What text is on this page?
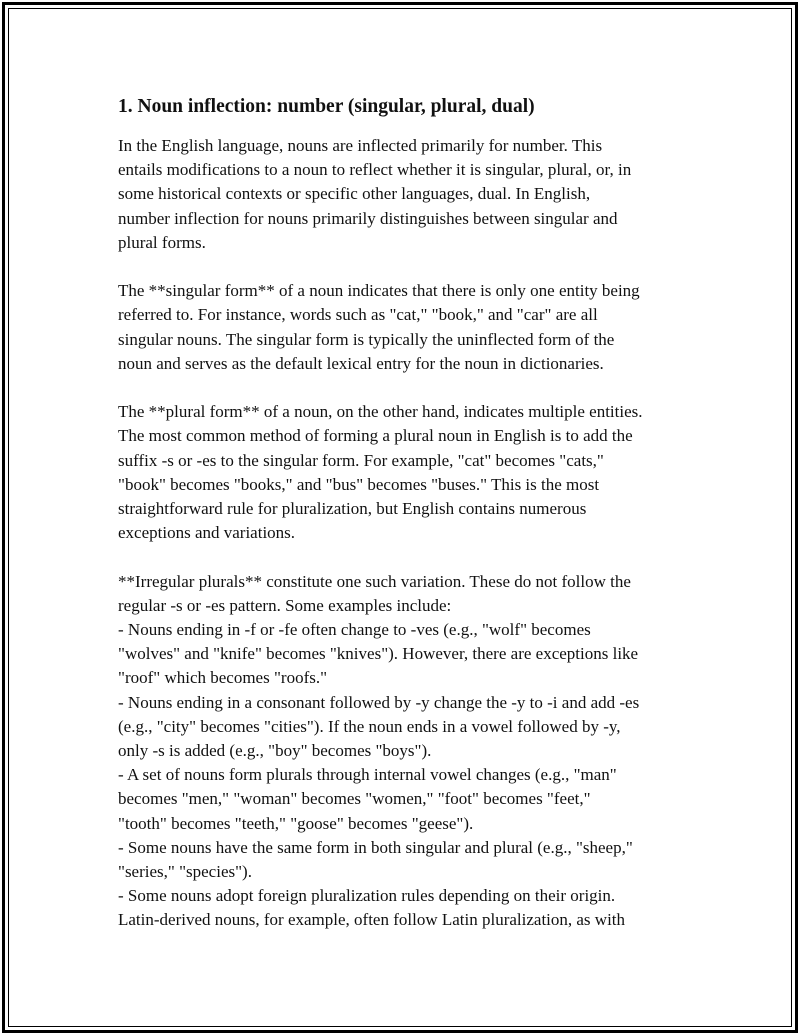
1. Noun inflection: number (singular, plural, dual)

In the English language, nouns are inflected primarily for number. This
entails modifications to a noun to reflect whether it is singular, plural, or, in
some historical contexts or specific other languages, dual. In English,
number inflection for nouns primarily distinguishes between singular and
plural forms.

The **singular form** of a noun indicates that there is only one entity being
referred to. For instance, words such as "cat," "book," and "car" are all
singular nouns. The singular form is typically the uninflected form of the
noun and serves as the default lexical entry for the noun in dictionaries.

The **plural form** of a noun, on the other hand, indicates multiple entities.
The most common method of forming a plural noun in English is to add the
suffix -s or -es to the singular form. For example, "cat" becomes "cats,"
"book" becomes "books," and "bus" becomes "buses." This is the most
straightforward rule for pluralization, but English contains numerous
exceptions and variations.

**Irregular plurals** constitute one such variation. These do not follow the
regular -s or -es pattern. Some examples include:
- Nouns ending in -f or -fe often change to -ves (e.g., "wolf" becomes
"wolves" and "knife" becomes "knives"). However, there are exceptions like
"roof" which becomes "roofs."
- Nouns ending in a consonant followed by -y change the -y to -i and add -es
(e.g., "city" becomes "cities"). If the noun ends in a vowel followed by -y,
only -s is added (e.g., "boy" becomes "boys").
- A set of nouns form plurals through internal vowel changes (e.g., "man"
becomes "men," "woman" becomes "women," "foot" becomes "feet,"
"tooth" becomes "teeth," "goose" becomes "geese").
- Some nouns have the same form in both singular and plural (e.g., "sheep,"
"series," "species").
- Some nouns adopt foreign pluralization rules depending on their origin.
Latin-derived nouns, for example, often follow Latin pluralization, as with
